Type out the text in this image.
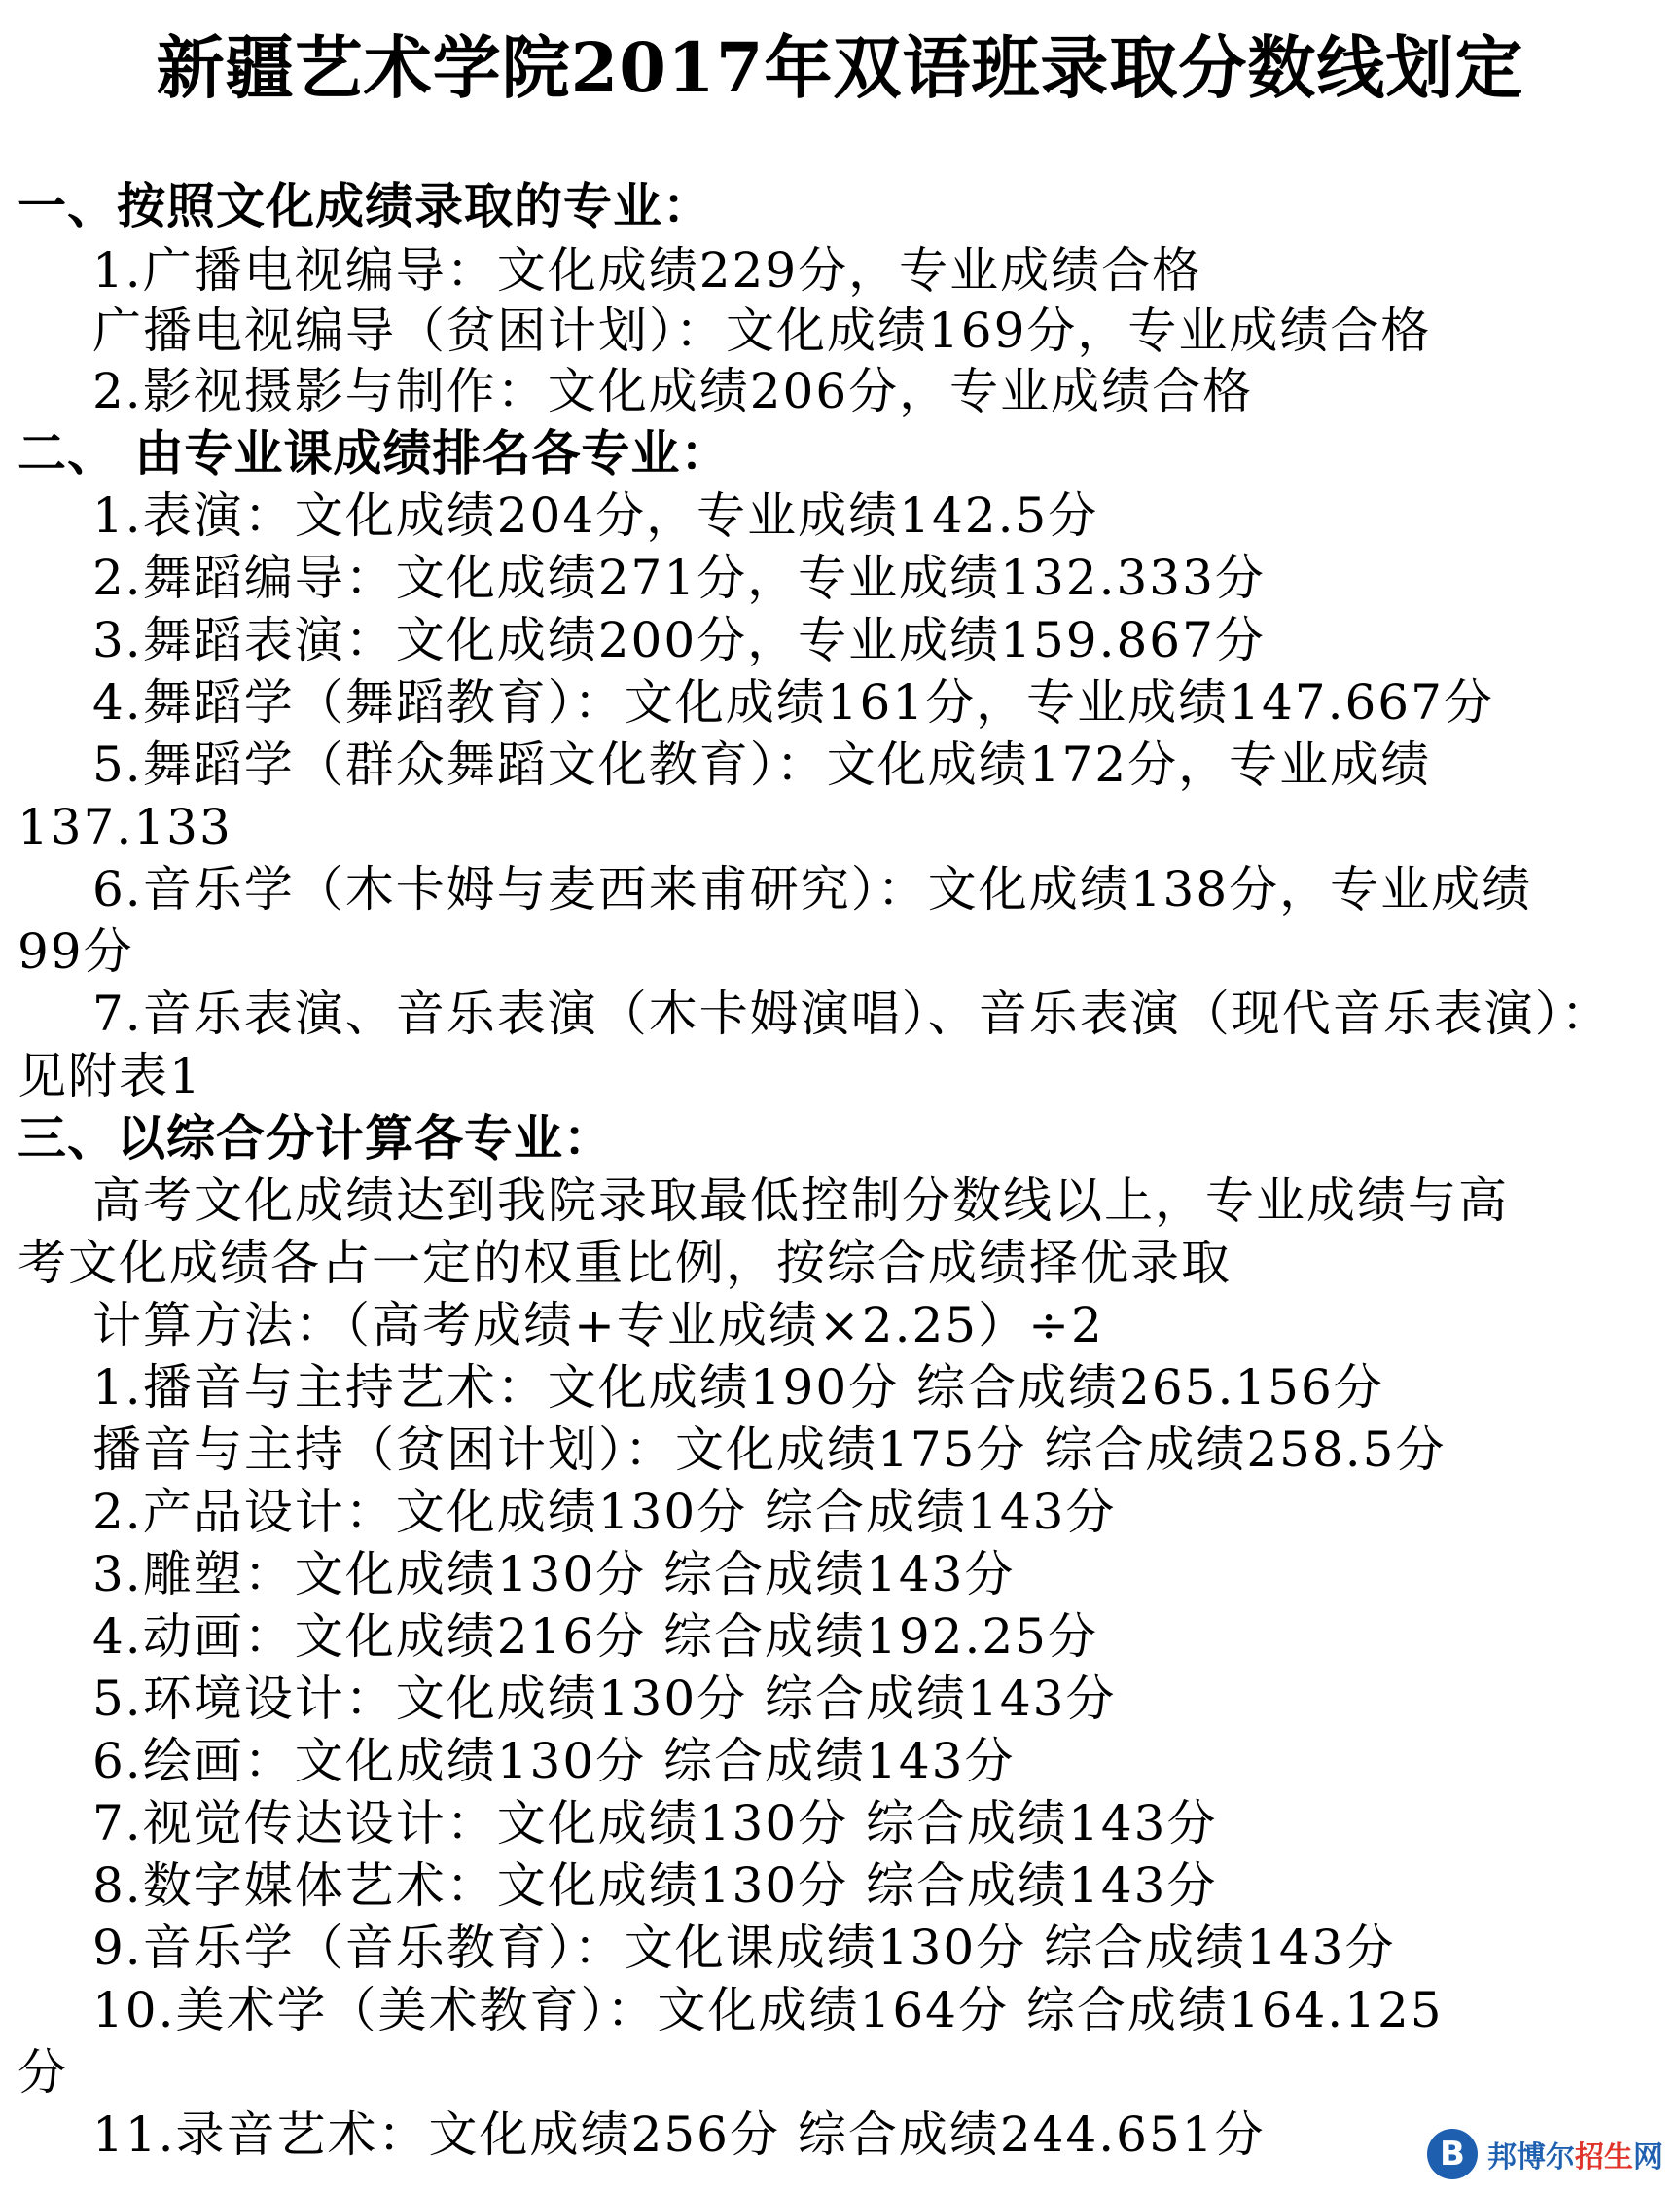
新疆艺术学院2017年双语班录取分数线划定
一、按照文化成绩录取的专业：
1.广播电视编导：文化成绩229分，专业成绩合格
广播电视编导（贫困计划）：文化成绩169分，专业成绩合格
2.影视摄影与制作：文化成绩206分，专业成绩合格
二、 由专业课成绩排名各专业：
1.表演：文化成绩204分，专业成绩142.5分
2.舞蹈编导：文化成绩271分，专业成绩132.333分
3.舞蹈表演：文化成绩200分，专业成绩159.867分
4.舞蹈学（舞蹈教育）：文化成绩161分，专业成绩147.667分
5.舞蹈学（群众舞蹈文化教育）：文化成绩172分，专业成绩
137.133
6.音乐学（木卡姆与麦西来甫研究）：文化成绩138分，专业成绩
99分
7.音乐表演、音乐表演（木卡姆演唱）、音乐表演（现代音乐表演）：
见附表1
三、以综合分计算各专业：
高考文化成绩达到我院录取最低控制分数线以上，专业成绩与高
考文化成绩各占一定的权重比例，按综合成绩择优录取
计算方法：（高考成绩+专业成绩×2.25）÷2
1.播音与主持艺术：文化成绩190分 综合成绩265.156分
播音与主持（贫困计划）：文化成绩175分 综合成绩258.5分
2.产品设计：文化成绩130分 综合成绩143分
3.雕塑：文化成绩130分 综合成绩143分
4.动画：文化成绩216分 综合成绩192.25分
5.环境设计：文化成绩130分 综合成绩143分
6.绘画：文化成绩130分 综合成绩143分
7.视觉传达设计：文化成绩130分 综合成绩143分
8.数字媒体艺术：文化成绩130分 综合成绩143分
9.音乐学（音乐教育）：文化课成绩130分 综合成绩143分
10.美术学（美术教育）：文化成绩164分 综合成绩164.125
分
11.录音艺术：文化成绩256分 综合成绩244.651分	B 邦博尔招生网
